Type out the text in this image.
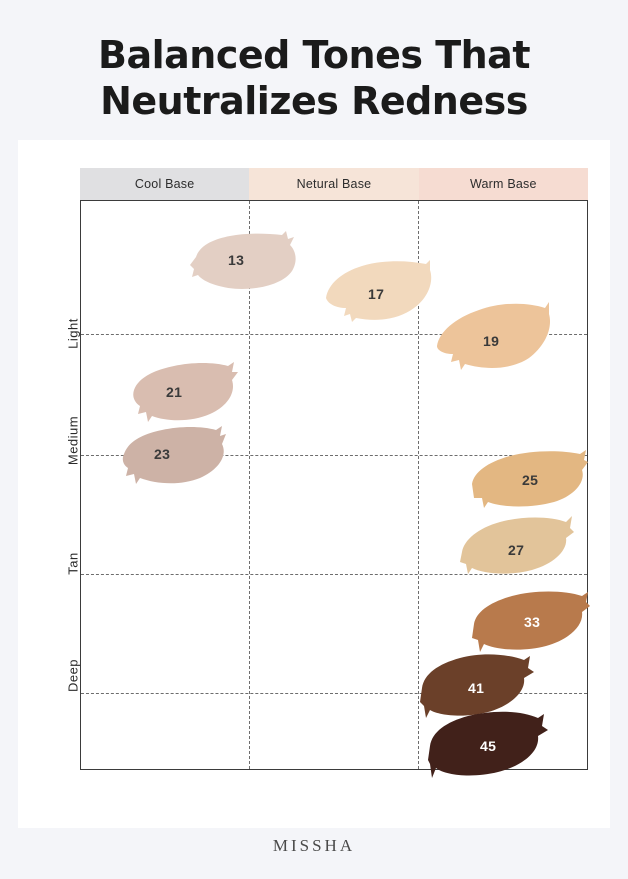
Balanced Tones That
Neutralizes Redness
Cool Base	Netural Base	Warm Base
Light
Medium
Tan
Deep
13
17
19
21
23
25
27
33
41
45
MISSHA
